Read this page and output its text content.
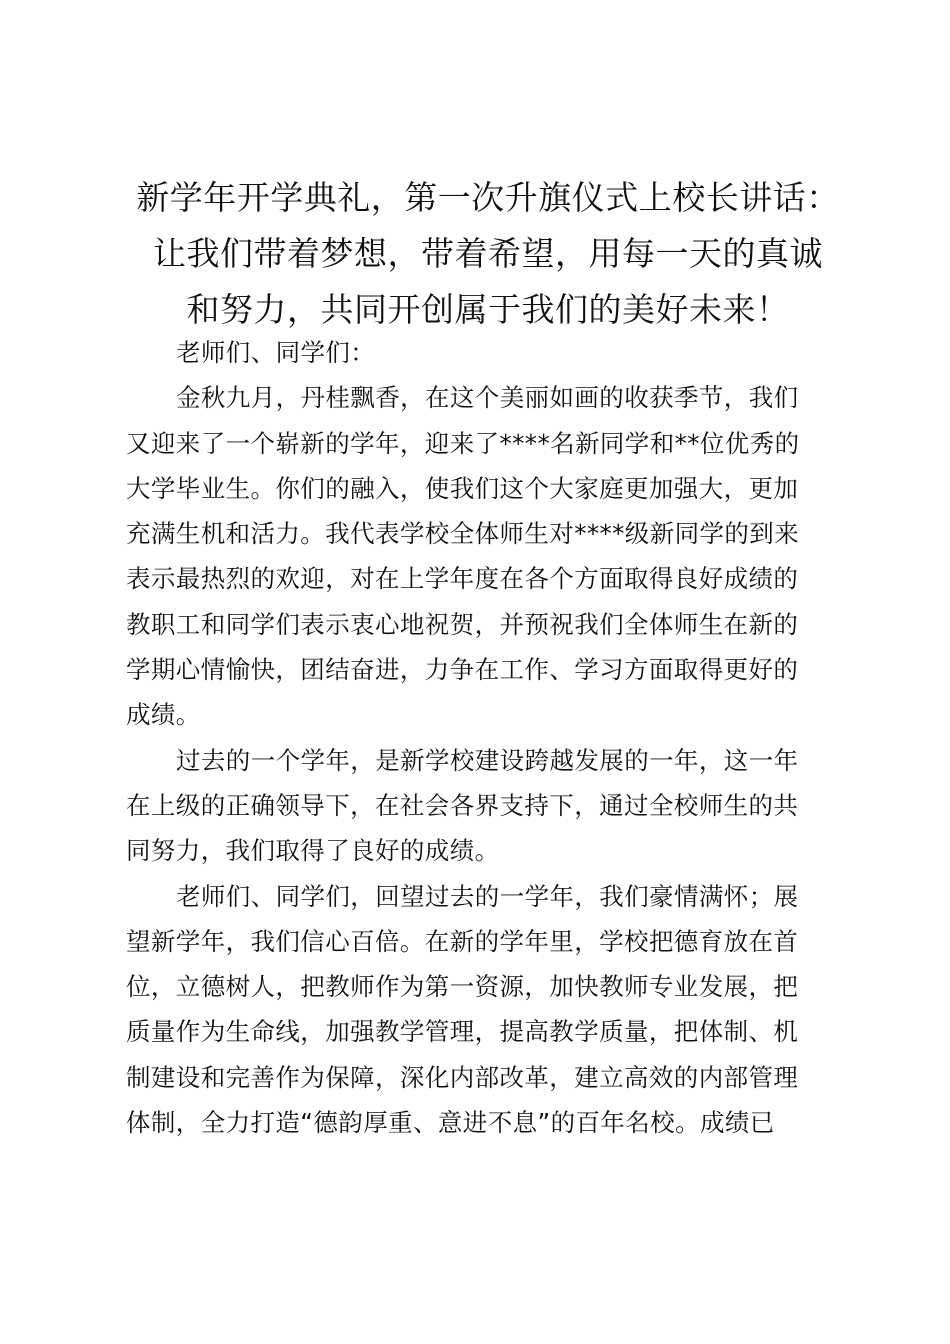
新学年开学典礼，第一次升旗仪式上校长讲话：
让我们带着梦想，带着希望，用每一天的真诚
和努力，共同开创属于我们的美好未来！
老师们、同学们：
金秋九月，丹桂飘香，在这个美丽如画的收获季节，我们
又迎来了一个崭新的学年，迎来了****名新同学和**位优秀的
大学毕业生。你们的融入，使我们这个大家庭更加强大，更加
充满生机和活力。我代表学校全体师生对****级新同学的到来
表示最热烈的欢迎，对在上学年度在各个方面取得良好成绩的
教职工和同学们表示衷心地祝贺，并预祝我们全体师生在新的
学期心情愉快，团结奋进，力争在工作、学习方面取得更好的
成绩。
过去的一个学年，是新学校建设跨越发展的一年，这一年
在上级的正确领导下，在社会各界支持下，通过全校师生的共
同努力，我们取得了良好的成绩。
老师们、同学们，回望过去的一学年，我们豪情满怀；展
望新学年，我们信心百倍。在新的学年里，学校把德育放在首
位，立德树人，把教师作为第一资源，加快教师专业发展，把
质量作为生命线，加强教学管理，提高教学质量，把体制、机
制建设和完善作为保障，深化内部改革，建立高效的内部管理
体制，全力打造“德韵厚重、意进不息”的百年名校。成绩已
